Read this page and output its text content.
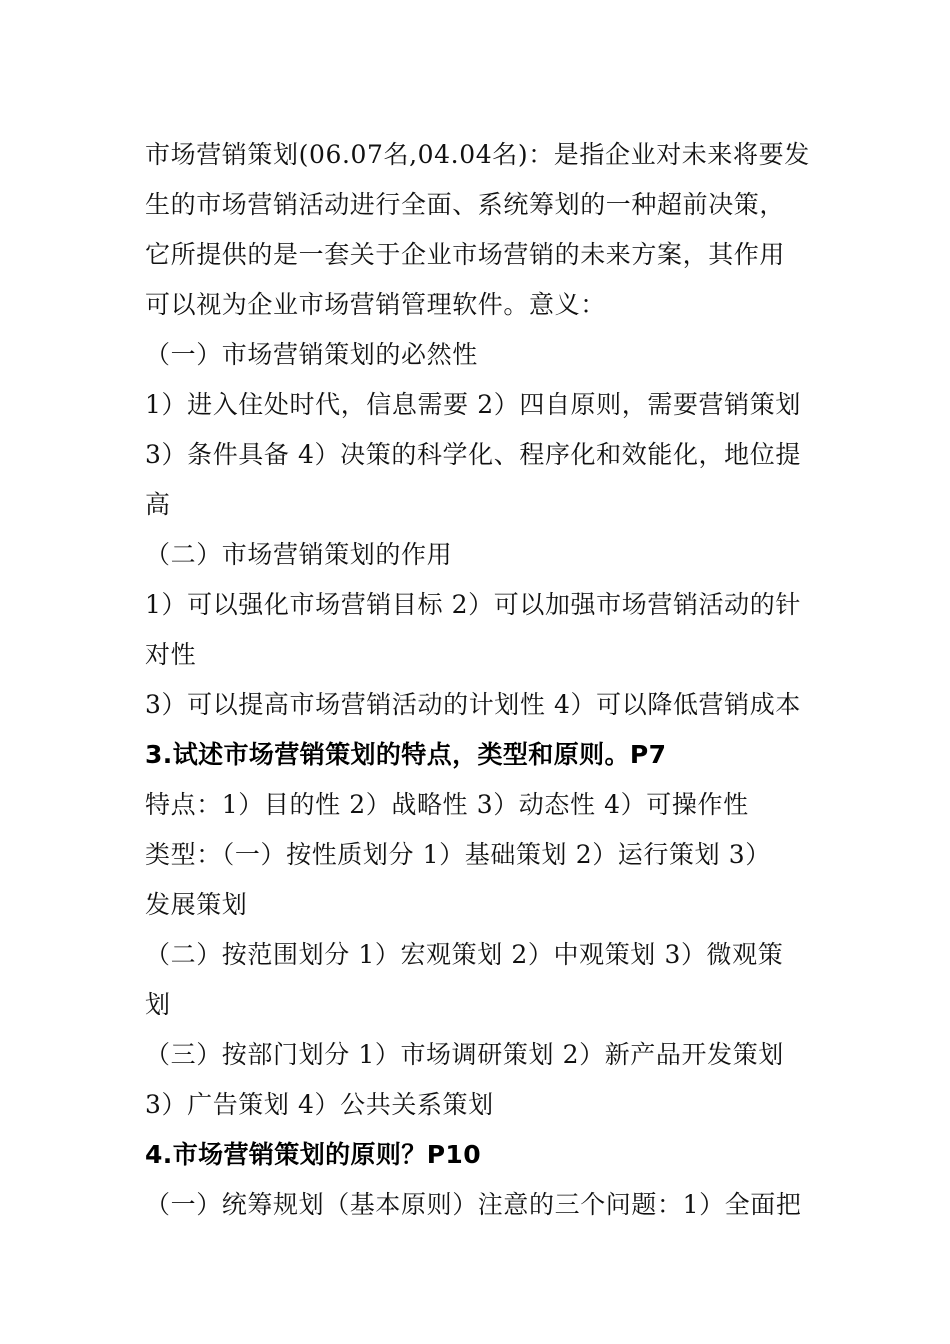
市场营销策划(06.07名,04.04名)：是指企业对未来将要发
生的市场营销活动进行全面、系统筹划的一种超前决策，
它所提供的是一套关于企业市场营销的未来方案，其作用
可以视为企业市场营销管理软件。意义：
（一）市场营销策划的必然性
1）进入住处时代，信息需要 2）四自原则，需要营销策划
3）条件具备 4）决策的科学化、程序化和效能化，地位提
高
（二）市场营销策划的作用
1）可以强化市场营销目标 2）可以加强市场营销活动的针
对性
3）可以提高市场营销活动的计划性 4）可以降低营销成本
3.试述市场营销策划的特点，类型和原则。P7
特点：1）目的性 2）战略性 3）动态性 4）可操作性
类型：（一）按性质划分 1）基础策划 2）运行策划 3）
发展策划
（二）按范围划分 1）宏观策划 2）中观策划 3）微观策
划
（三）按部门划分 1）市场调研策划 2）新产品开发策划
3）广告策划 4）公共关系策划
4.市场营销策划的原则？P10
（一）统筹规划（基本原则）注意的三个问题：1）全面把
